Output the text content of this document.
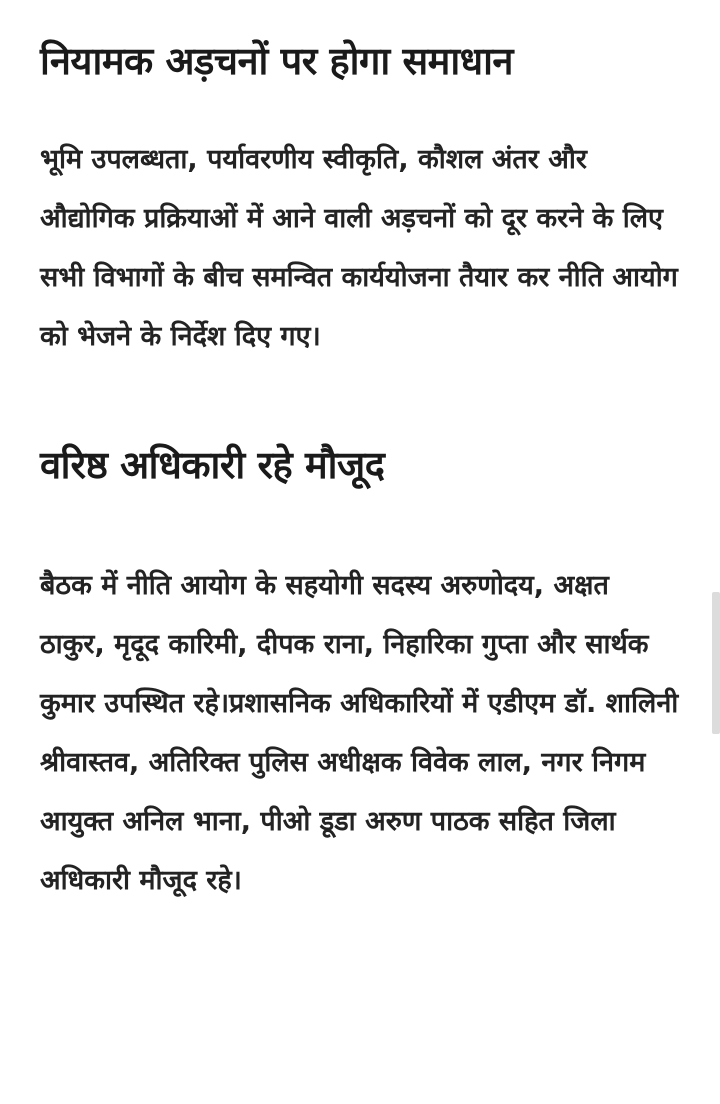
नियामक अड़चनों पर होगा समाधान

भूमि उपलब्धता, पर्यावरणीय स्वीकृति, कौशल अंतर और औद्योगिक प्रक्रियाओं में आने वाली अड़चनों को दूर करने के लिए सभी विभागों के बीच समन्वित कार्ययोजना तैयार कर नीति आयोग को भेजने के निर्देश दिए गए।

वरिष्ठ अधिकारी रहे मौजूद

बैठक में नीति आयोग के सहयोगी सदस्य अरुणोदय, अक्षत ठाकुर, मृदूद कारिमी, दीपक राना, निहारिका गुप्ता और सार्थक कुमार उपस्थित रहे।प्रशासनिक अधिकारियों में एडीएम डॉ. शालिनी श्रीवास्तव, अतिरिक्त पुलिस अधीक्षक विवेक लाल, नगर निगम आयुक्त अनिल भाना, पीओ डूडा अरुण पाठक सहित जिला अधिकारी मौजूद रहे।
